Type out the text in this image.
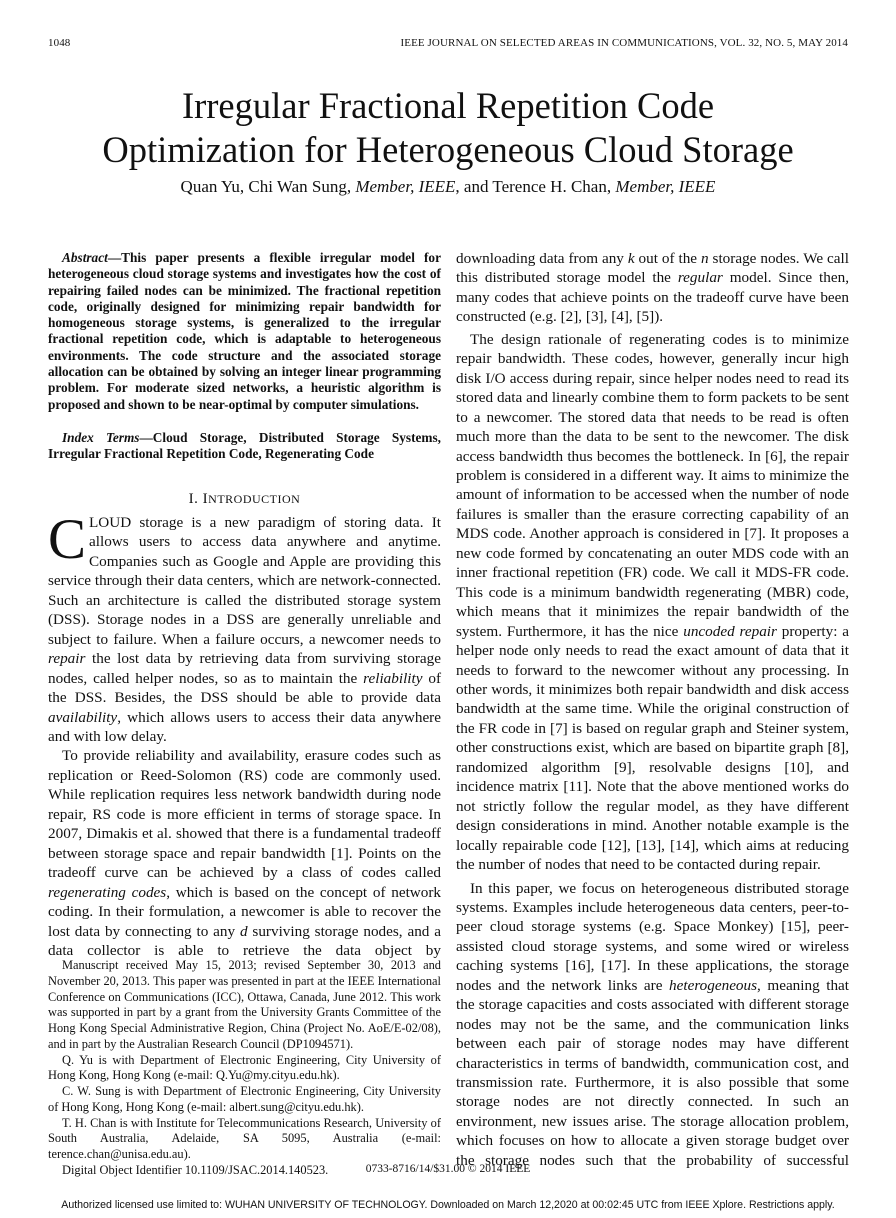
1048	IEEE JOURNAL ON SELECTED AREAS IN COMMUNICATIONS, VOL. 32, NO. 5, MAY 2014
Irregular Fractional Repetition Code
Optimization for Heterogeneous Cloud Storage
Quan Yu, Chi Wan Sung, Member, IEEE, and Terence H. Chan, Member, IEEE

Abstract—This paper presents a flexible irregular model for heterogeneous cloud storage systems and investigates how the cost of repairing failed nodes can be minimized. The fractional repetition code, originally designed for minimizing repair bandwidth for homogeneous storage systems, is generalized to the irregular fractional repetition code, which is adaptable to heterogeneous environments. The code structure and the associated storage allocation can be obtained by solving an integer linear programming problem. For moderate sized networks, a heuristic algorithm is proposed and shown to be near-optimal by computer simulations.

Index Terms—Cloud Storage, Distributed Storage Systems, Irregular Fractional Repetition Code, Regenerating Code

I. INTRODUCTION

CLOUD storage is a new paradigm of storing data. It allows users to access data anywhere and anytime. Companies such as Google and Apple are providing this service through their data centers, which are network-connected. Such an architecture is called the distributed storage system (DSS). Storage nodes in a DSS are generally unreliable and subject to failure. When a failure occurs, a newcomer needs to repair the lost data by retrieving data from surviving storage nodes, called helper nodes, so as to maintain the reliability of the DSS. Besides, the DSS should be able to provide data availability, which allows users to access their data anywhere and with low delay.

To provide reliability and availability, erasure codes such as replication or Reed-Solomon (RS) code are commonly used. While replication requires less network bandwidth during node repair, RS code is more efficient in terms of storage space. In 2007, Dimakis et al. showed that there is a fundamental tradeoff between storage space and repair bandwidth [1]. Points on the tradeoff curve can be achieved by a class of codes called regenerating codes, which is based on the concept of network coding. In their formulation, a newcomer is able to recover the lost data by connecting to any d surviving storage nodes, and a data collector is able to retrieve the data object by

Manuscript received May 15, 2013; revised September 30, 2013 and November 20, 2013. This paper was presented in part at the IEEE International Conference on Communications (ICC), Ottawa, Canada, June 2012. This work was supported in part by a grant from the University Grants Committee of the Hong Kong Special Administrative Region, China (Project No. AoE/E-02/08), and in part by the Australian Research Council (DP1094571).

Q. Yu is with Department of Electronic Engineering, City University of Hong Kong, Hong Kong (e-mail: Q.Yu@my.cityu.edu.hk).

C. W. Sung is with Department of Electronic Engineering, City University of Hong Kong, Hong Kong (e-mail: albert.sung@cityu.edu.hk).

T. H. Chan is with Institute for Telecommunications Research, University of South Australia, Adelaide, SA 5095, Australia (e-mail: terence.chan@unisa.edu.au).

Digital Object Identifier 10.1109/JSAC.2014.140523.

downloading data from any k out of the n storage nodes. We call this distributed storage model the regular model. Since then, many codes that achieve points on the tradeoff curve have been constructed (e.g. [2], [3], [4], [5]).

The design rationale of regenerating codes is to minimize repair bandwidth. These codes, however, generally incur high disk I/O access during repair, since helper nodes need to read its stored data and linearly combine them to form packets to be sent to a newcomer. The stored data that needs to be read is often much more than the data to be sent to the newcomer. The disk access bandwidth thus becomes the bottleneck. In [6], the repair problem is considered in a different way. It aims to minimize the amount of information to be accessed when the number of node failures is smaller than the erasure correcting capability of an MDS code. Another approach is considered in [7]. It proposes a new code formed by concatenating an outer MDS code with an inner fractional repetition (FR) code. We call it MDS-FR code. This code is a minimum bandwidth regenerating (MBR) code, which means that it minimizes the repair bandwidth of the system. Furthermore, it has the nice uncoded repair property: a helper node only needs to read the exact amount of data that it needs to forward to the newcomer without any processing. In other words, it minimizes both repair bandwidth and disk access bandwidth at the same time. While the original construction of the FR code in [7] is based on regular graph and Steiner system, other constructions exist, which are based on bipartite graph [8], randomized algorithm [9], resolvable designs [10], and incidence matrix [11]. Note that the above mentioned works do not strictly follow the regular model, as they have different design considerations in mind. Another notable example is the locally repairable code [12], [13], [14], which aims at reducing the number of nodes that need to be contacted during repair.

In this paper, we focus on heterogeneous distributed storage systems. Examples include heterogeneous data centers, peer-to-peer cloud storage systems (e.g. Space Monkey) [15], peer-assisted cloud storage systems, and some wired or wireless caching systems [16], [17]. In these applications, the storage nodes and the network links are heterogeneous, meaning that the storage capacities and costs associated with different storage nodes may not be the same, and the communication links between each pair of storage nodes may have different characteristics in terms of bandwidth, communication cost, and transmission rate. Furthermore, it is also possible that some storage nodes are not directly connected. In such an environment, new issues arise. The storage allocation problem, which focuses on how to allocate a given storage budget over the storage nodes such that the probability of successful

0733-8716/14/$31.00 © 2014 IEEE
Authorized licensed use limited to: WUHAN UNIVERSITY OF TECHNOLOGY. Downloaded on March 12,2020 at 00:02:45 UTC from IEEE Xplore. Restrictions apply.
